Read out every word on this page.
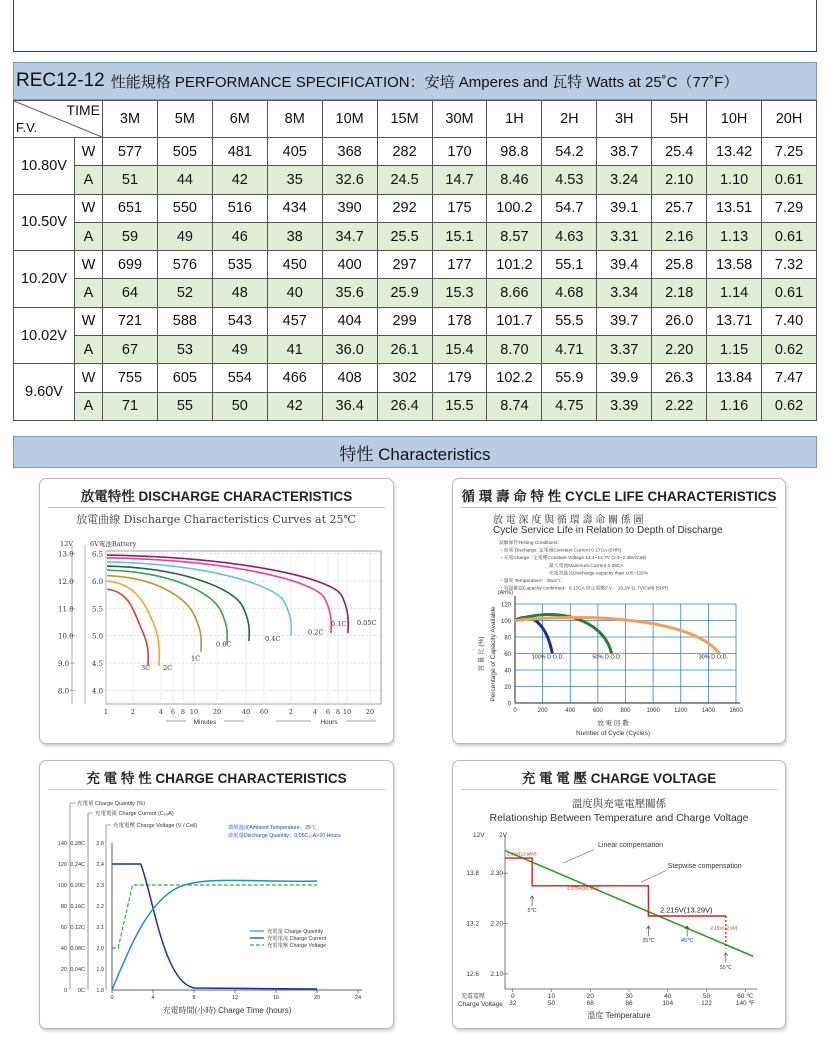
REC12-12 性能規格 PERFORMANCE SPECIFICATION：安培 Amperes and 瓦特 Watts at 25˚C（77˚F）
TIME
F.V.		3M	5M	6M	8M	10M	15M	30M	1H	2H	3H	5H	10H	20H
10.80V	W	577	505	481	405	368	282	170	98.8	54.2	38.7	25.4	13.42	7.25
	A	51	44	42	35	32.6	24.5	14.7	8.46	4.53	3.24	2.10	1.10	0.61
10.50V	W	651	550	516	434	390	292	175	100.2	54.7	39.1	25.7	13.51	7.29
	A	59	49	46	38	34.7	25.5	15.1	8.57	4.63	3.31	2.16	1.13	0.61
10.20V	W	699	576	535	450	400	297	177	101.2	55.1	39.4	25.8	13.58	7.32
	A	64	52	48	40	35.6	25.9	15.3	8.66	4.68	3.34	2.18	1.14	0.61
10.02V	W	721	588	543	457	404	299	178	101.7	55.5	39.7	26.0	13.71	7.40
	A	67	53	49	41	36.0	26.1	15.4	8.70	4.71	3.37	2.20	1.15	0.62
9.60V	W	755	605	554	466	408	302	179	102.2	55.9	39.9	26.3	13.84	7.47
	A	71	55	50	42	36.4	26.4	15.5	8.74	4.75	3.39	2.22	1.16	0.62
特性 Characteristics
放電特性 DISCHARGE CHARACTERISTICS
放電曲線 Discharge Characteristics Curves at 25℃
13.0	6.5
12.0	6.0
11.0	5.5
10.0	5.0
9.0	4.5
8.0	4.0
12V	6V電池Battery
1	2	4 6 8 10 20	40 60	2	4 6 8 10 20
Minutes	Hours
0.05C
0.1C
0.2C
0.4C
0.6C
1C
2C
3C
循 環 壽 命 特 性 CYCLE LIFE CHARACTERISTICS
放 電 深 度 與 循 環 壽 命 關 係 圖
Cycle Service Life in Relation to Depth of Discharge
試驗條件Testing Conditions：
・放電 Discharge: 定電流Constant Current 0.17CA (5HR)
・充電Charge : 定電壓Constant Voltage 14.4~14.7V (2.4~2.45V/Cell)
最大電流Maximum Current 0.25CA
充電容量比Discharge capacity than 105~115%
・溫度 Temperature：25±2℃
・容量確認Capacity confirmed：0.17CA 終止電壓F.V.：10.2V (1.7V/Cell) (5HR)
120
100
80
60
40
20
0
0	200	400	600	800	1000 1200 1400 1600
(Ah%)
容 量 比 (%) Percentage of Capacity Available
放 電 回 數
Number of Cycle (Cycles)
100% D.O.D.	50% D.O.D.	30% D.O.D.
充 電 特 性 CHARGE CHARACTERISTICS
充電量 Charge Quantity (%)
充電電流 Charge Current (C₂₀A)
充電電壓 Charge Voltage (V / Cell)	環境溫度Ambient Temperature：25℃
放電量Discharge Quantity：0.05C₂₀A×20 Hours
140 0.28C 2.8
120 0.24C 2.4
100 0.20C 2.3
80 0.16C 2.2
60 0.12C 2.1
40 0.08C 2.0
20 0.04C 1.9
0 0C 1.8
0	4	8	12	16	20	24
充電時間(小時) Charge Time (hours)
充電量 Charge Quantity
充電電流 Charge Current
充電電壓 Charge Voltage
充 電 電 壓 CHARGE VOLTAGE
溫度與充電電壓關係
Relationship Between Temperature and Charge Voltage
12V 2V
13.8 2.30
13.2 2.20
12.6 2.10
2.33V(13.98V)
2.275V(13.65V)
2.215V(13.29V)
2.15V(12.9V)
Linear compensation
Stepwise compensation
5℃
35℃	45℃
55℃
0
32
10
50
20
68
30
86
40
104
50
122
60 ℃
140 ℉
充電電壓
Charge Voltage
溫度 Temperature
